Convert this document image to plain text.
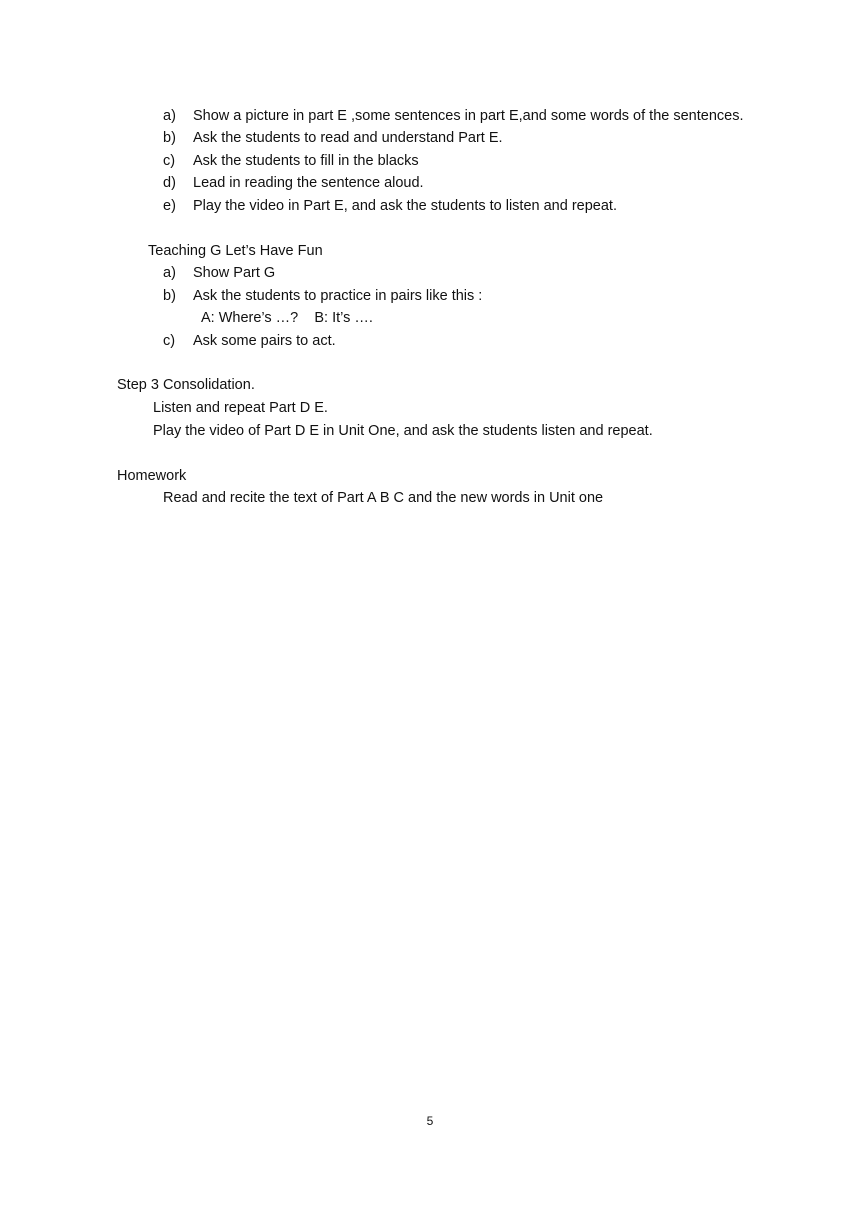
a) Show a picture in part E ,some sentences in part E,and some words of the sentences.
b) Ask the students to read and understand Part E.
c) Ask the students to fill in the blacks
d) Lead in reading the sentence aloud.
e) Play the video in Part E, and ask the students to listen and repeat.
Teaching G Let’s Have Fun
a) Show Part G
b) Ask the students to practice in pairs like this :
A: Where’s …?    B: It’s ….
c) Ask some pairs to act.
Step 3 Consolidation.
Listen and repeat Part D E.
Play the video of Part D E in Unit One, and ask the students listen and repeat.
Homework
Read and recite the text of Part A B C and the new words in Unit one
5
